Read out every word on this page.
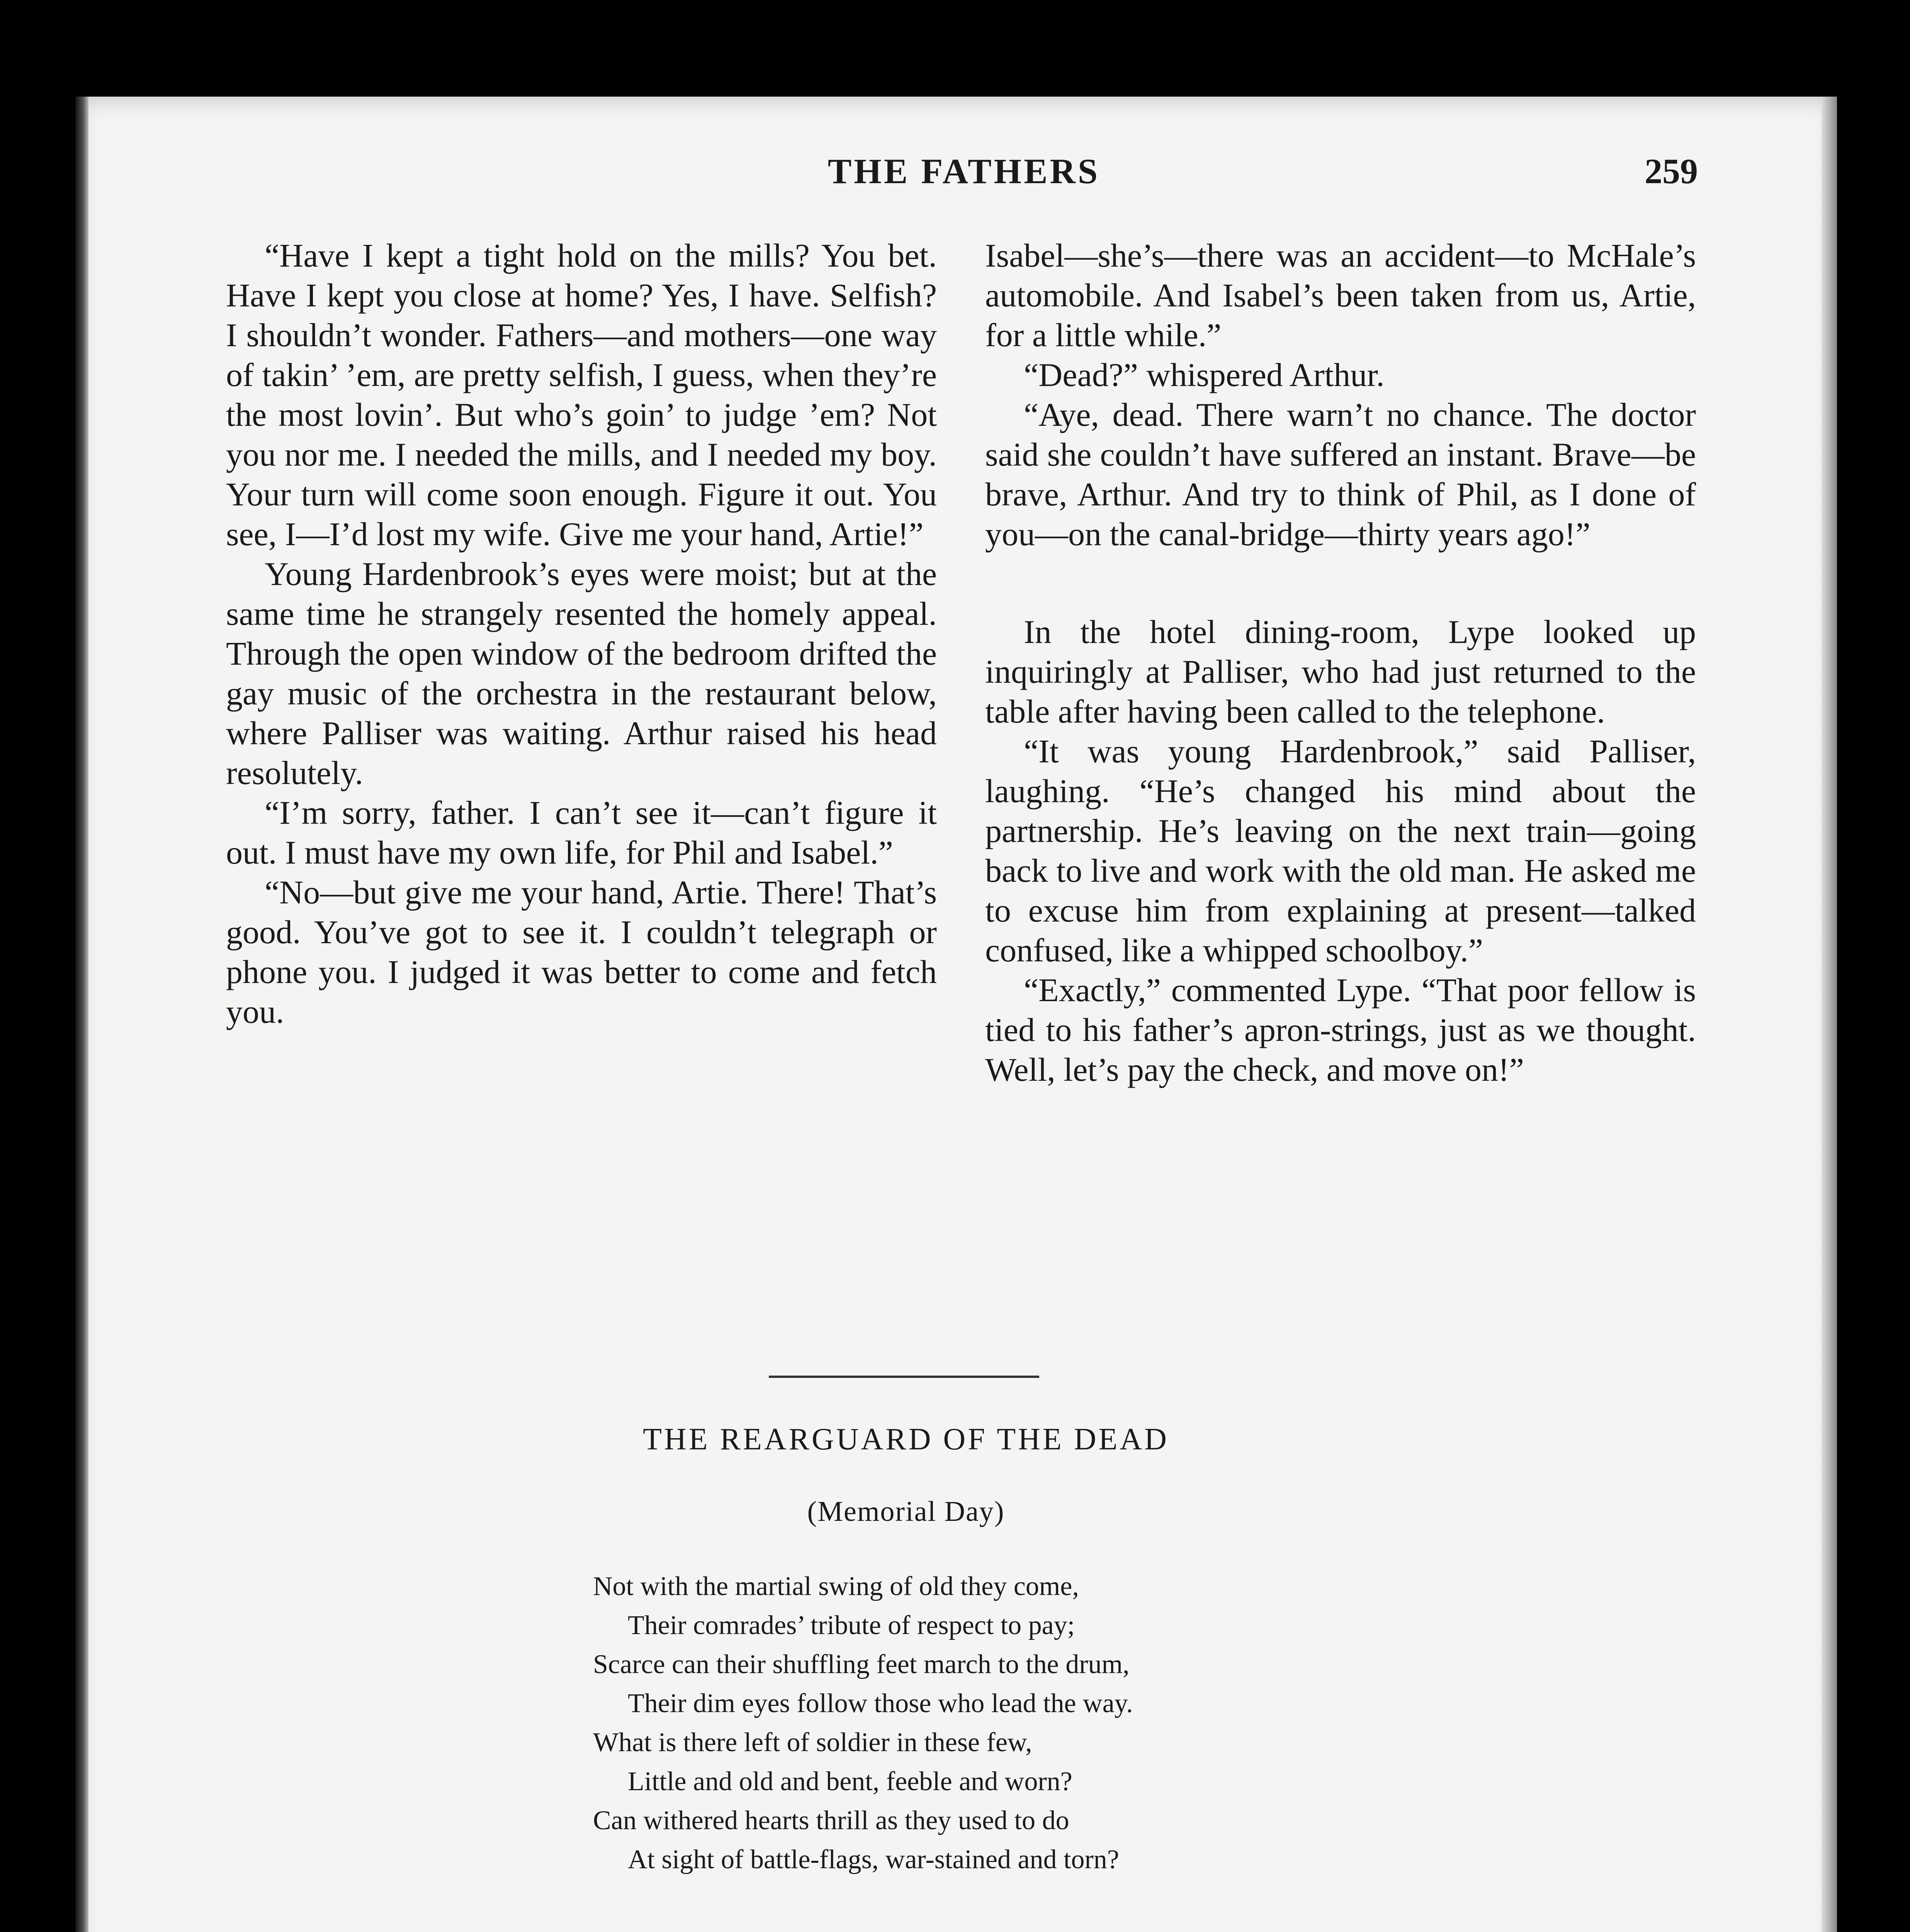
THE FATHERS	259

“Have I kept a tight hold on the mills? You bet. Have I kept you close at home? Yes, I have. Selfish? I shouldn’t wonder. Fathers—and mothers—one way of takin’ ’em, are pretty selfish, I guess, when they’re the most lovin’. But who’s goin’ to judge ’em? Not you nor me. I needed the mills, and I needed my boy. Your turn will come soon enough. Figure it out. You see, I—I’d lost my wife. Give me your hand, Artie!”

Young Hardenbrook’s eyes were moist; but at the same time he strangely resented the homely appeal. Through the open window of the bedroom drifted the gay music of the orchestra in the restaurant below, where Palliser was waiting. Arthur raised his head resolutely.

“I’m sorry, father. I can’t see it—can’t figure it out. I must have my own life, for Phil and Isabel.”

“No—but give me your hand, Artie. There! That’s good. You’ve got to see it. I couldn’t telegraph or phone you. I judged it was better to come and fetch you.

Isabel—she’s—there was an accident—to McHale’s automobile. And Isabel’s been taken from us, Artie, for a little while.”

“Dead?” whispered Arthur.

“Aye, dead. There warn’t no chance. The doctor said she couldn’t have suffered an instant. Brave—be brave, Arthur. And try to think of Phil, as I done of you—on the canal-bridge—thirty years ago!”

In the hotel dining-room, Lype looked up inquiringly at Palliser, who had just returned to the table after having been called to the telephone.

“It was young Hardenbrook,” said Palliser, laughing. “He’s changed his mind about the partnership. He’s leaving on the next train—going back to live and work with the old man. He asked me to excuse him from explaining at present—talked confused, like a whipped schoolboy.”

“Exactly,” commented Lype. “That poor fellow is tied to his father’s apron-strings, just as we thought. Well, let’s pay the check, and move on!”

THE REARGUARD OF THE DEAD
(Memorial Day)
Not with the martial swing of old they come,
Their comrades’ tribute of respect to pay;
Scarce can their shuffling feet march to the drum,
Their dim eyes follow those who lead the way.
What is there left of soldier in these few,
Little and old and bent, feeble and worn?
Can withered hearts thrill as they used to do
At sight of battle-flags, war-stained and torn?
